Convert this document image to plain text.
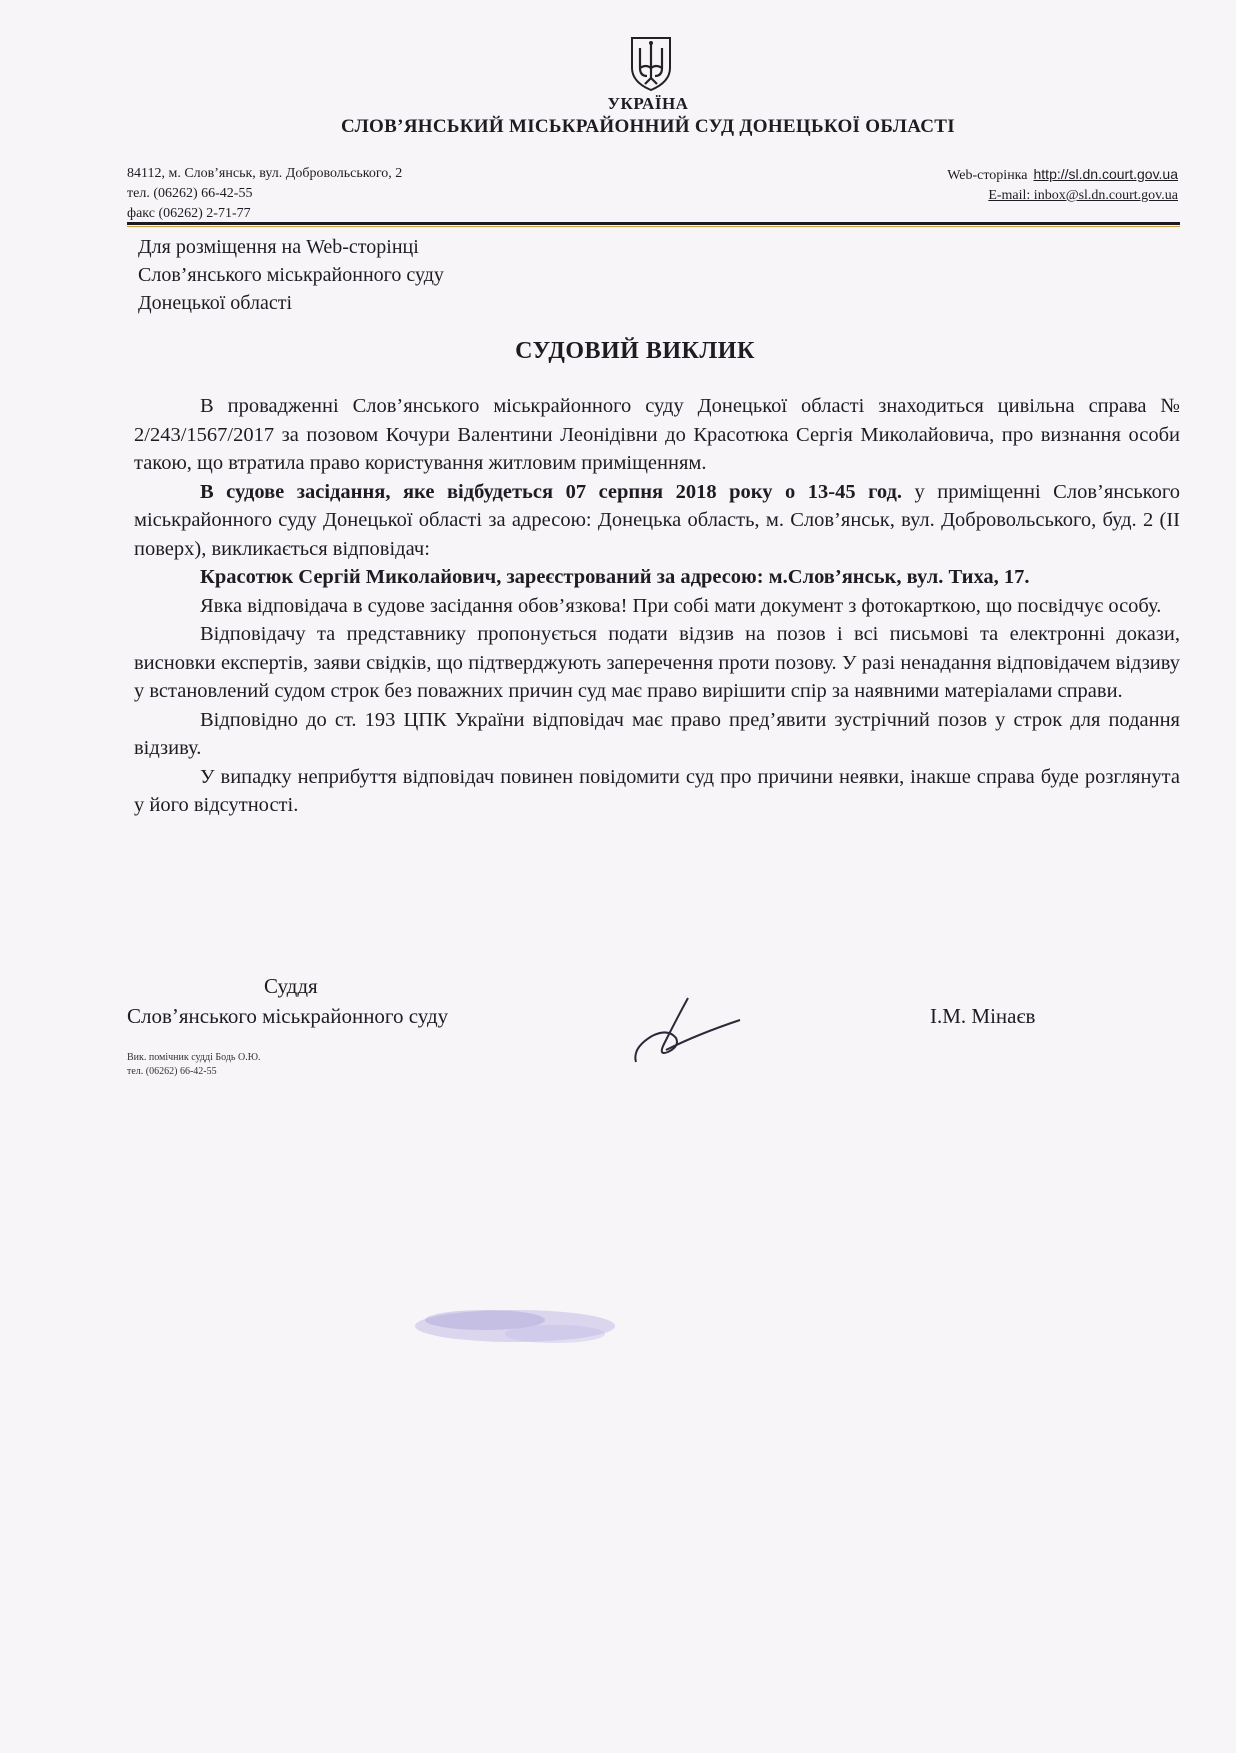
УКРАЇНА
СЛОВ’ЯНСЬКИЙ МІСЬКРАЙОННИЙ СУД ДОНЕЦЬКОЇ ОБЛАСТІ
84112, м. Слов’янськ, вул. Добровольського, 2
тел. (06262) 66-42-55
факс (06262) 2-71-77
Web-сторінка http://sl.dn.court.gov.ua
E-mail: inbox@sl.dn.court.gov.ua
Для розміщення на Web-сторінці
Слов’янського міськрайонного суду
Донецької області
СУДОВИЙ ВИКЛИК

В провадженні Слов’янського міськрайонного суду Донецької області знаходиться цивільна справа № 2/243/1567/2017 за позовом Кочури Валентини Леонідівни до Красотюка Сергія Миколайовича, про визнання особи такою, що втратила право користування житловим приміщенням.

В судове засідання, яке відбудеться 07 серпня 2018 року о 13-45 год. у приміщенні Слов’янського міськрайонного суду Донецької області за адресою: Донецька область, м. Слов’янськ, вул. Добровольського, буд. 2 (ІІ поверх), викликається відповідач:

Красотюк Сергій Миколайович, зареєстрований за адресою: м.Слов’янськ, вул. Тиха, 17.

Явка відповідача в судове засідання обов’язкова! При собі мати документ з фотокарткою, що посвідчує особу.

Відповідачу та представнику пропонується подати відзив на позов і всі письмові та електронні докази, висновки експертів, заяви свідків, що підтверджують заперечення проти позову. У разі ненадання відповідачем відзиву у встановлений судом строк без поважних причин суд має право вирішити спір за наявними матеріалами справи.

Відповідно до ст. 193 ЦПК України відповідач має право пред’явити зустрічний позов у строк для подання відзиву.

У випадку неприбуття відповідач повинен повідомити суд про причини неявки, інакше справа буде розглянута у його відсутності.

Суддя
Слов’янського міськрайонного суду	І.М. Мінаєв
Вик. помічник судді Бодь О.Ю.
тел. (06262) 66-42-55
